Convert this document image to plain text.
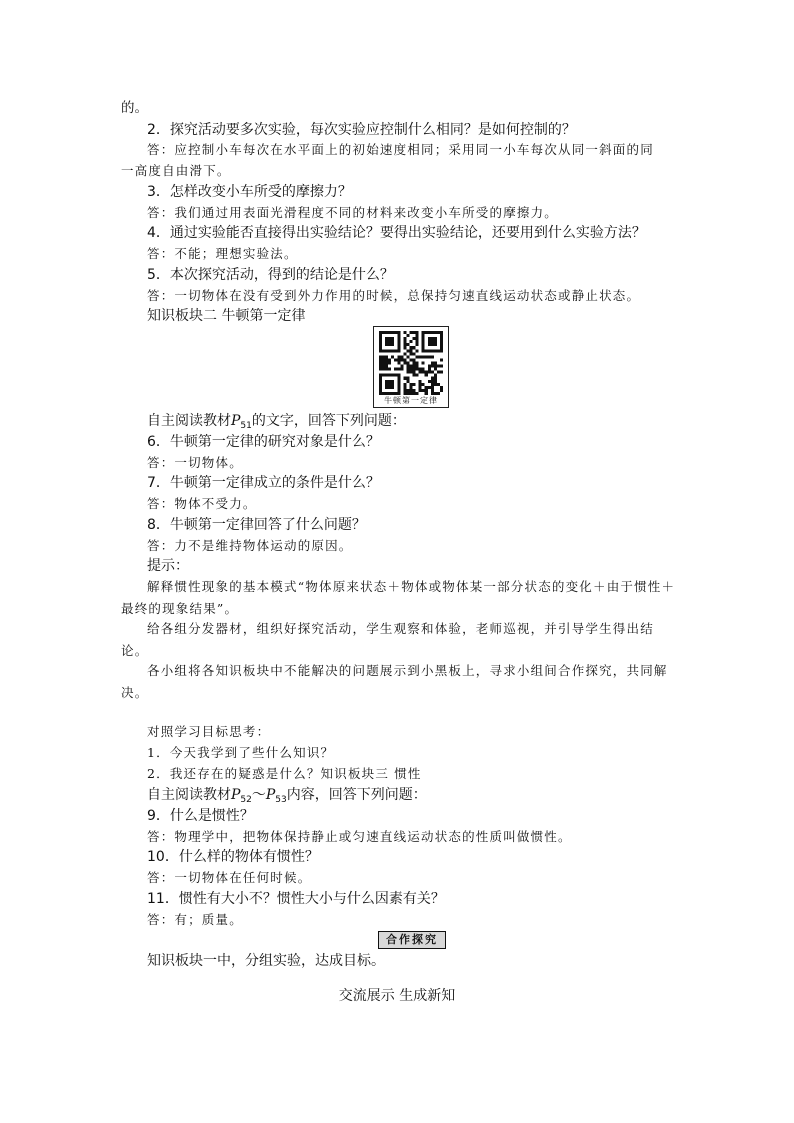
的。
2．探究活动要多次实验，每次实验应控制什么相同？是如何控制的？
答：应控制小车每次在水平面上的初始速度相同；采用同一小车每次从同一斜面的同
一高度自由滑下。
3．怎样改变小车所受的摩擦力？
答：我们通过用表面光滑程度不同的材料来改变小车所受的摩擦力。
4．通过实验能否直接得出实验结论？要得出实验结论，还要用到什么实验方法？
答：不能；理想实验法。
5．本次探究活动，得到的结论是什么？
答：一切物体在没有受到外力作用的时候，总保持匀速直线运动状态或静止状态。
知识板块二 牛顿第一定律
牛顿第一定律
自主阅读教材$P_{51}$的文字，回答下列问题：
6．牛顿第一定律的研究对象是什么？
答：一切物体。
7．牛顿第一定律成立的条件是什么？
答：物体不受力。
8．牛顿第一定律回答了什么问题？
答：力不是维持物体运动的原因。
提示：
解释惯性现象的基本模式“物体原来状态＋物体或物体某一部分状态的变化＋由于惯性＋最终的现象结果”。
给各组分发器材，组织好探究活动，学生观察和体验，老师巡视，并引导学生得出结论。
各小组将各知识板块中不能解决的问题展示到小黑板上，寻求小组间合作探究，共同解决。
对照学习目标思考：
1．今天我学到了些什么知识？
2．我还存在的疑惑是什么？知识板块三 惯性
自主阅读教材$P_{52}\sim P_{53}$内容，回答下列问题：
9．什么是惯性？
答：物理学中，把物体保持静止或匀速直线运动状态的性质叫做惯性。
10．什么样的物体有惯性？
答：一切物体在任何时候。
11．惯性有大小不？惯性大小与什么因素有关？
答：有；质量。
合作探究
知识板块一中，分组实验，达成目标。
交流展示 生成新知
